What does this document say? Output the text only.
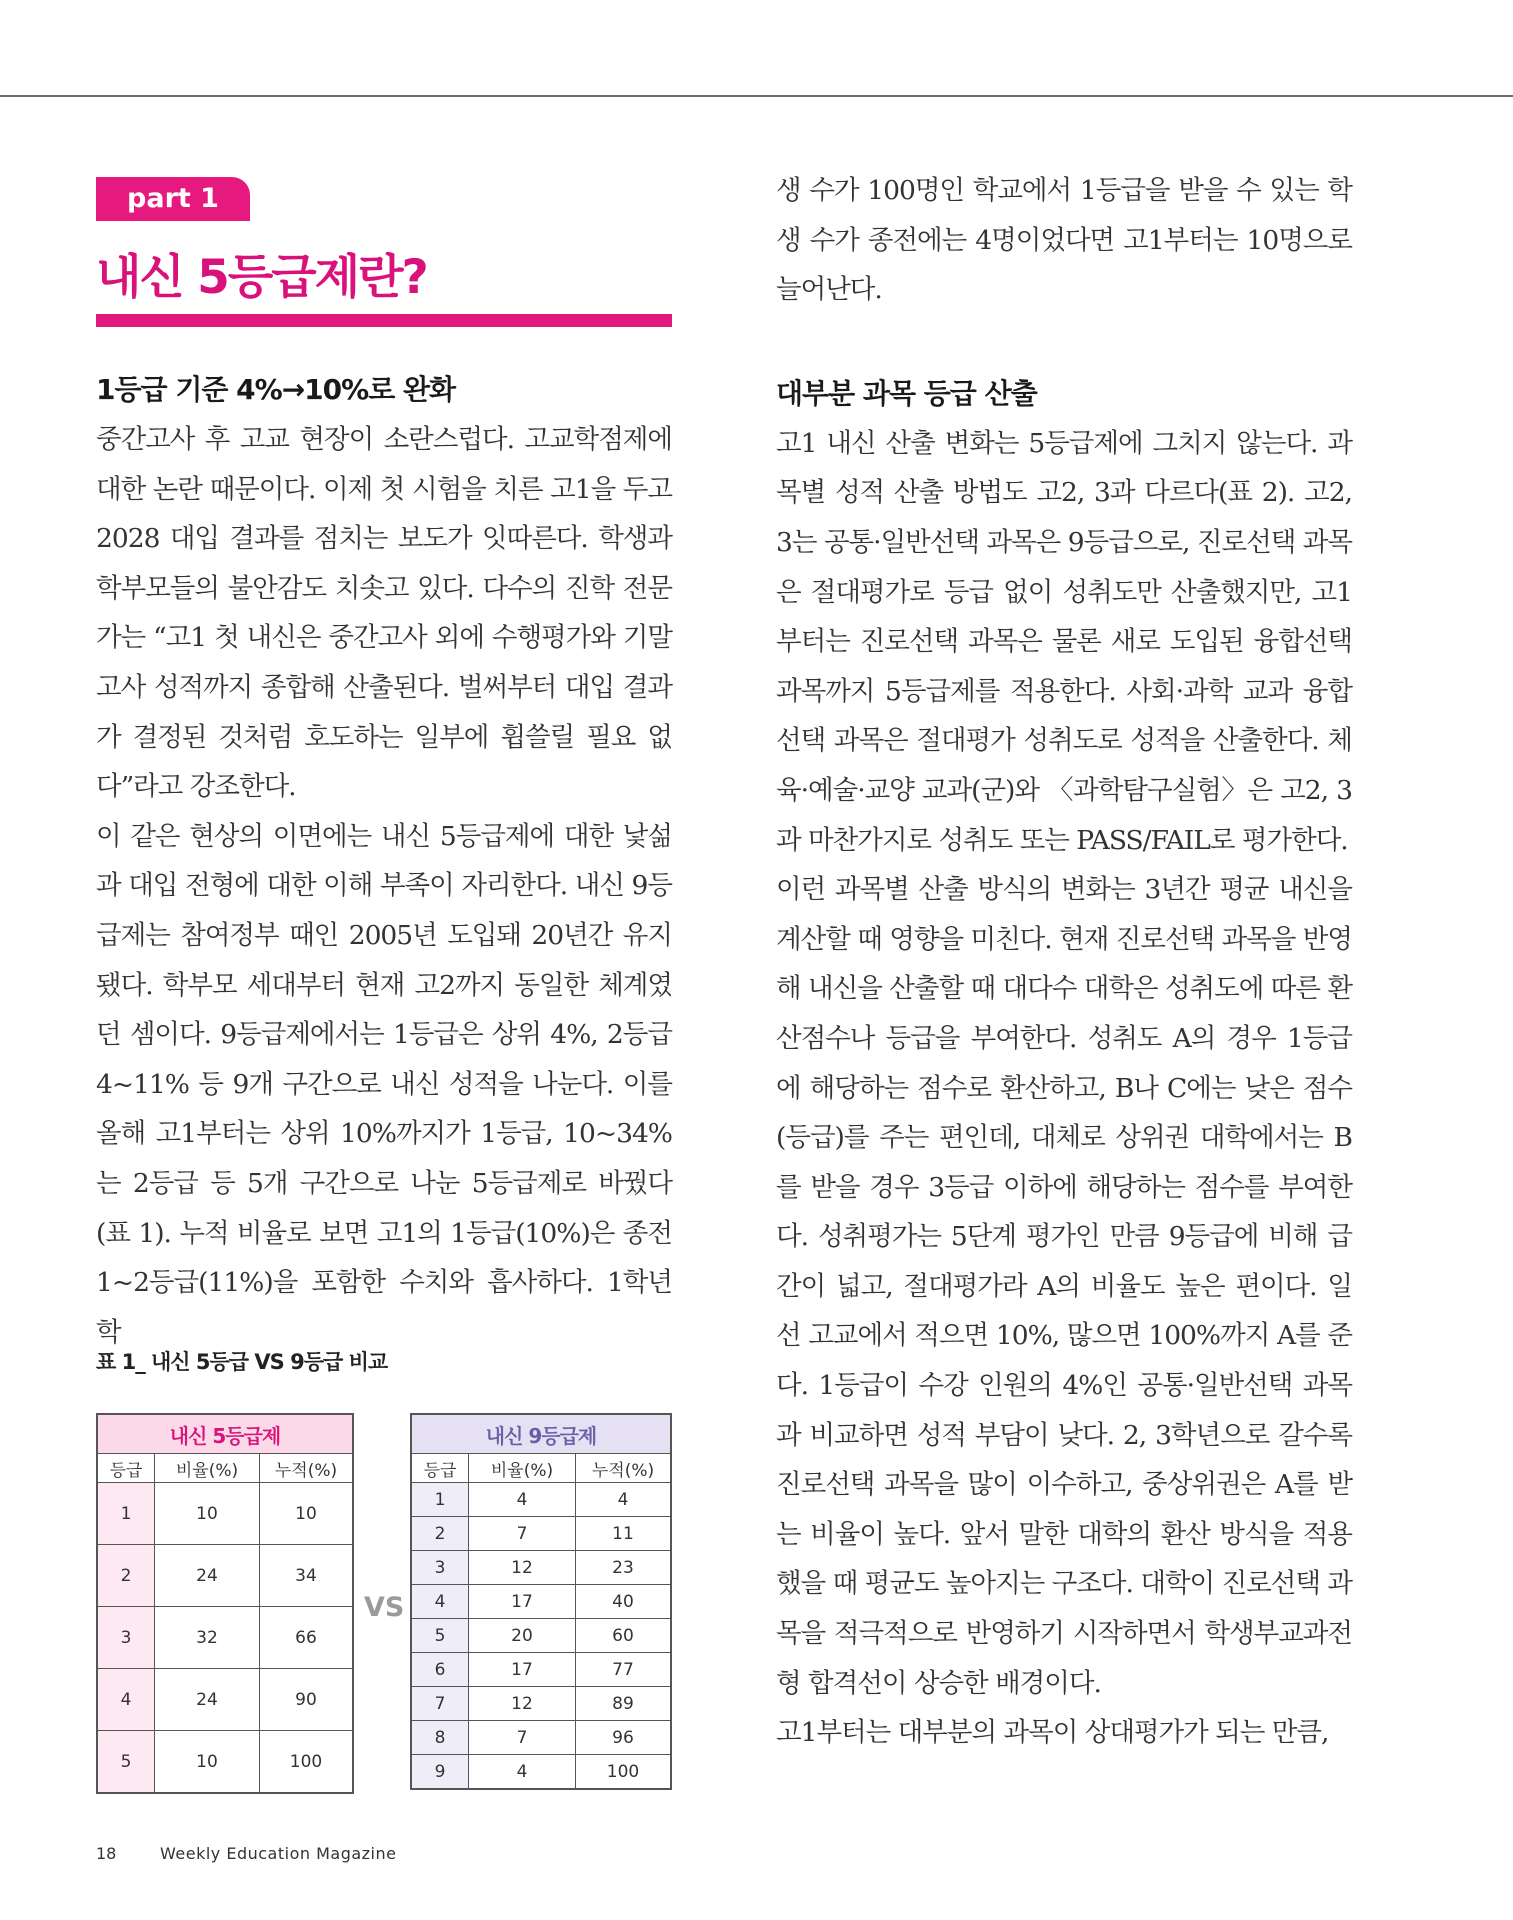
part 1
내신 5등급제란?
1등급 기준 4%→10%로 완화

중간고사 후 고교 현장이 소란스럽다. 고교학점제에 대한 논란 때문이다. 이제 첫 시험을 치른 고1을 두고 2028 대입 결과를 점치는 보도가 잇따른다. 학생과 학부모들의 불안감도 치솟고 있다. 다수의 진학 전문가는 “고1 첫 내신은 중간고사 외에 수행평가와 기말고사 성적까지 종합해 산출된다. 벌써부터 대입 결과가 결정된 것처럼 호도하는 일부에 휩쓸릴 필요 없다”라고 강조한다.

이 같은 현상의 이면에는 내신 5등급제에 대한 낯섦과 대입 전형에 대한 이해 부족이 자리한다. 내신 9등급제는 참여정부 때인 2005년 도입돼 20년간 유지됐다. 학부모 세대부터 현재 고2까지 동일한 체계였던 셈이다. 9등급제에서는 1등급은 상위 4%, 2등급 4~11% 등 9개 구간으로 내신 성적을 나눈다. 이를 올해 고1부터는 상위 10%까지가 1등급, 10~34%는 2등급 등 5개 구간으로 나눈 5등급제로 바꿨다(표 1). 누적 비율로 보면 고1의 1등급(10%)은 종전 1~2등급(11%)을 포함한 수치와 흡사하다. 1학년 학

표 1_ 내신 5등급 VS 9등급 비교
내신 5등급제		
등급	비율(%)	누적(%)
1	10	10
2	24	34
3	32	66
4	24	90
5	10	100
VS
내신 9등급제		
등급	비율(%)	누적(%)
1	4	4
2	7	11
3	12	23
4	17	40
5	20	60
6	17	77
7	12	89
8	7	96
9	4	100

생 수가 100명인 학교에서 1등급을 받을 수 있는 학생 수가 종전에는 4명이었다면 고1부터는 10명으로 늘어난다.

대부분 과목 등급 산출

고1 내신 산출 변화는 5등급제에 그치지 않는다. 과목별 성적 산출 방법도 고2, 3과 다르다(표 2). 고2, 3는 공통·일반선택 과목은 9등급으로, 진로선택 과목은 절대평가로 등급 없이 성취도만 산출했지만, 고1부터는 진로선택 과목은 물론 새로 도입된 융합선택 과목까지 5등급제를 적용한다. 사회·과학 교과 융합선택 과목은 절대평가 성취도로 성적을 산출한다. 체육·예술·교양 교과(군)와 〈과학탐구실험〉은 고2, 3과 마찬가지로 성취도 또는 PASS/FAIL로 평가한다.

이런 과목별 산출 방식의 변화는 3년간 평균 내신을 계산할 때 영향을 미친다. 현재 진로선택 과목을 반영해 내신을 산출할 때 대다수 대학은 성취도에 따른 환산점수나 등급을 부여한다. 성취도 A의 경우 1등급에 해당하는 점수로 환산하고, B나 C에는 낮은 점수(등급)를 주는 편인데, 대체로 상위권 대학에서는 B를 받을 경우 3등급 이하에 해당하는 점수를 부여한다. 성취평가는 5단계 평가인 만큼 9등급에 비해 급간이 넓고, 절대평가라 A의 비율도 높은 편이다. 일선 고교에서 적으면 10%, 많으면 100%까지 A를 준다. 1등급이 수강 인원의 4%인 공통·일반선택 과목과 비교하면 성적 부담이 낮다. 2, 3학년으로 갈수록 진로선택 과목을 많이 이수하고, 중상위권은 A를 받는 비율이 높다. 앞서 말한 대학의 환산 방식을 적용했을 때 평균도 높아지는 구조다. 대학이 진로선택 과목을 적극적으로 반영하기 시작하면서 학생부교과전형 합격선이 상승한 배경이다.

고1부터는 대부분의 과목이 상대평가가 되는 만큼,

18	Weekly Education Magazine
